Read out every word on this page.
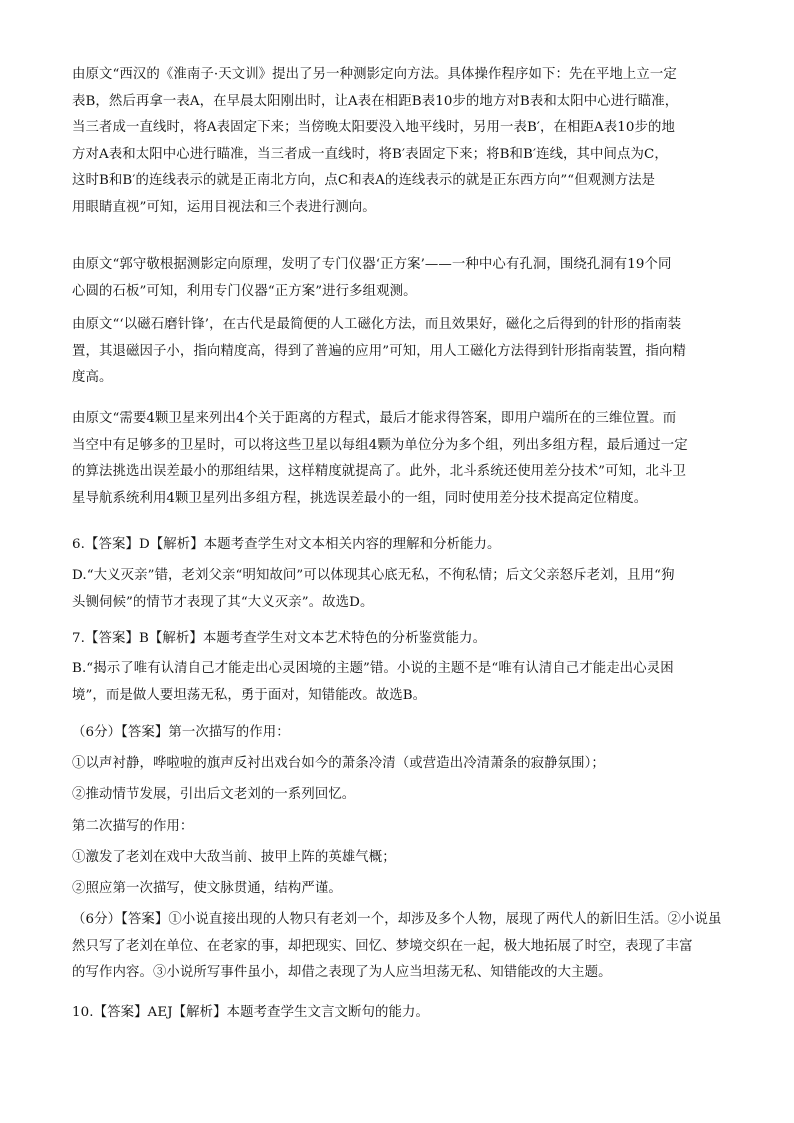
由原文“西汉的《淮南子·天文训》提出了另一种测影定向方法。具体操作程序如下：先在平地上立一定
表B，然后再拿一表A，在早晨太阳刚出时，让A表在相距B表10步的地方对B表和太阳中心进行瞄准，
当三者成一直线时，将A表固定下来；当傍晚太阳要没入地平线时，另用一表B′，在相距A表10步的地
方对A表和太阳中心进行瞄准，当三者成一直线时，将B′表固定下来；将B和B′连线，其中间点为C，
这时B和B′的连线表示的就是正南北方向，点C和表A的连线表示的就是正东西方向”“但观测方法是
用眼睛直视”可知，运用目视法和三个表进行测向。
由原文“郭守敬根据测影定向原理，发明了专门仪器‘正方案’——一种中心有孔洞，围绕孔洞有19个同
心圆的石板”可知，利用专门仪器“正方案”进行多组观测。
由原文“‘以磁石磨针锋’，在古代是最简便的人工磁化方法，而且效果好，磁化之后得到的针形的指南装
置，其退磁因子小，指向精度高，得到了普遍的应用”可知，用人工磁化方法得到针形指南装置，指向精
度高。
由原文“需要4颗卫星来列出4个关于距离的方程式，最后才能求得答案，即用户端所在的三维位置。而
当空中有足够多的卫星时，可以将这些卫星以每组4颗为单位分为多个组，列出多组方程，最后通过一定
的算法挑选出误差最小的那组结果，这样精度就提高了。此外，北斗系统还使用差分技术”可知，北斗卫
星导航系统利用4颗卫星列出多组方程，挑选误差最小的一组，同时使用差分技术提高定位精度。
6.【答案】D【解析】本题考查学生对文本相关内容的理解和分析能力。
D.“大义灭亲”错，老刘父亲“明知故问”可以体现其心底无私，不徇私情；后文父亲怒斥老刘，且用“狗
头铡伺候”的情节才表现了其“大义灭亲”。故选D。
7.【答案】B【解析】本题考查学生对文本艺术特色的分析鉴赏能力。
B.“揭示了唯有认清自己才能走出心灵困境的主题”错。小说的主题不是“唯有认清自己才能走出心灵困
境”，而是做人要坦荡无私，勇于面对，知错能改。故选B。
（6分）【答案】第一次描写的作用：
①以声衬静，哗啦啦的旗声反衬出戏台如今的萧条冷清（或营造出冷清萧条的寂静氛围）；
②推动情节发展，引出后文老刘的一系列回忆。
第二次描写的作用：
①激发了老刘在戏中大敌当前、披甲上阵的英雄气概；
②照应第一次描写，使文脉贯通，结构严谨。
（6分）【答案】①小说直接出现的人物只有老刘一个，却涉及多个人物，展现了两代人的新旧生活。②小说虽
然只写了老刘在单位、在老家的事，却把现实、回忆、梦境交织在一起，极大地拓展了时空，表现了丰富
的写作内容。③小说所写事件虽小，却借之表现了为人应当坦荡无私、知错能改的大主题。
10.【答案】AEJ【解析】本题考查学生文言文断句的能力。
